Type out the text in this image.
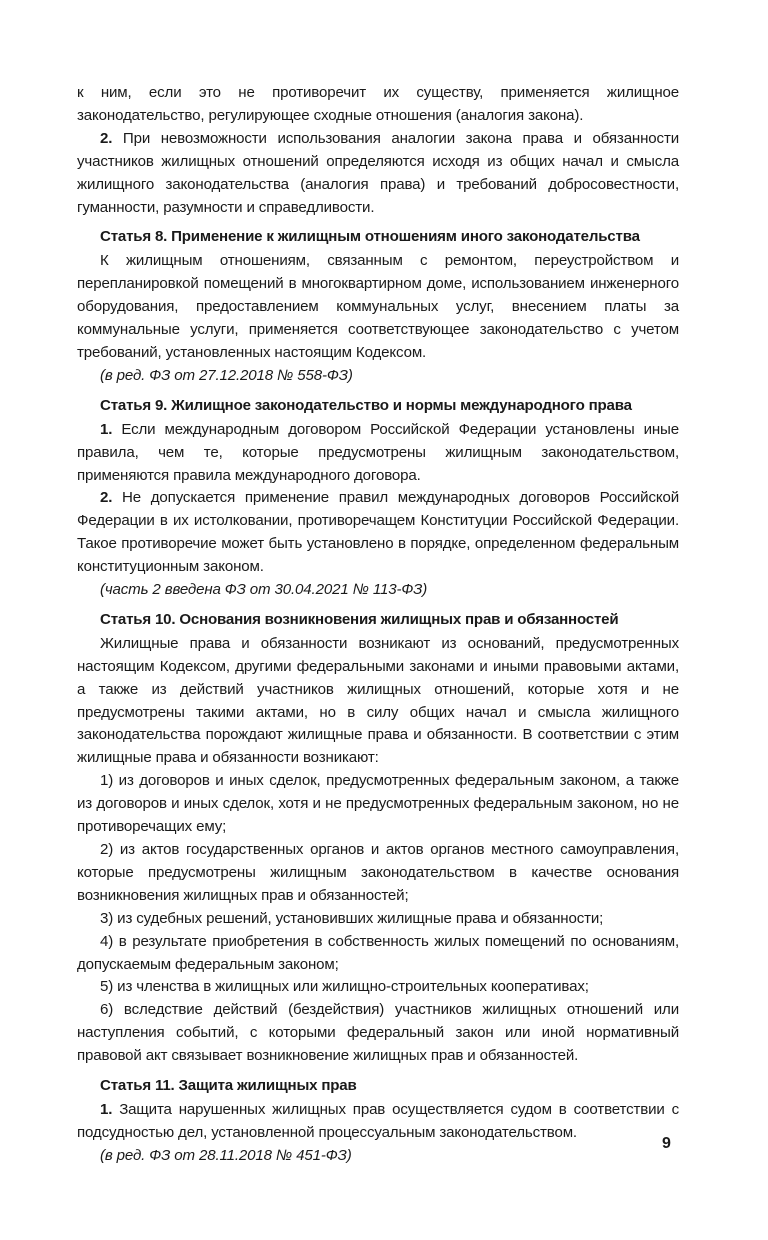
к ним, если это не противоречит их существу, применяется жилищное законодательство, регулирующее сходные отношения (аналогия закона).

2. При невозможности использования аналогии закона права и обязанности участников жилищных отношений определяются исходя из общих начал и смысла жилищного законодательства (аналогия права) и требований добросовестности, гуманности, разумности и справедливости.

Статья 8. Применение к жилищным отношениям иного законодательства

К жилищным отношениям, связанным с ремонтом, переустройством и перепланировкой помещений в многоквартирном доме, использованием инженерного оборудования, предоставлением коммунальных услуг, внесением платы за коммунальные услуги, применяется соответствующее законодательство с учетом требований, установленных настоящим Кодексом.

(в ред. ФЗ от 27.12.2018 № 558-ФЗ)

Статья 9. Жилищное законодательство и нормы международного права

1. Если международным договором Российской Федерации установлены иные правила, чем те, которые предусмотрены жилищным законодательством, применяются правила международного договора.

2. Не допускается применение правил международных договоров Российской Федерации в их истолковании, противоречащем Конституции Российской Федерации. Такое противоречие может быть установлено в порядке, определенном федеральным конституционным законом.

(часть 2 введена ФЗ от 30.04.2021 № 113-ФЗ)

Статья 10. Основания возникновения жилищных прав и обязанностей

Жилищные права и обязанности возникают из оснований, предусмотренных настоящим Кодексом, другими федеральными законами и иными правовыми актами, а также из действий участников жилищных отношений, которые хотя и не предусмотрены такими актами, но в силу общих начал и смысла жилищного законодательства порождают жилищные права и обязанности. В соответствии с этим жилищные права и обязанности возникают:

1) из договоров и иных сделок, предусмотренных федеральным законом, а также из договоров и иных сделок, хотя и не предусмотренных федеральным законом, но не противоречащих ему;

2) из актов государственных органов и актов органов местного самоуправления, которые предусмотрены жилищным законодательством в качестве основания возникновения жилищных прав и обязанностей;

3) из судебных решений, установивших жилищные права и обязанности;

4) в результате приобретения в собственность жилых помещений по основаниям, допускаемым федеральным законом;

5) из членства в жилищных или жилищно-строительных кооперативах;

6) вследствие действий (бездействия) участников жилищных отношений или наступления событий, с которыми федеральный закон или иной нормативный правовой акт связывает возникновение жилищных прав и обязанностей.

Статья 11. Защита жилищных прав

1. Защита нарушенных жилищных прав осуществляется судом в соответствии с подсудностью дел, установленной процессуальным законодательством.

(в ред. ФЗ от 28.11.2018 № 451-ФЗ)

9
